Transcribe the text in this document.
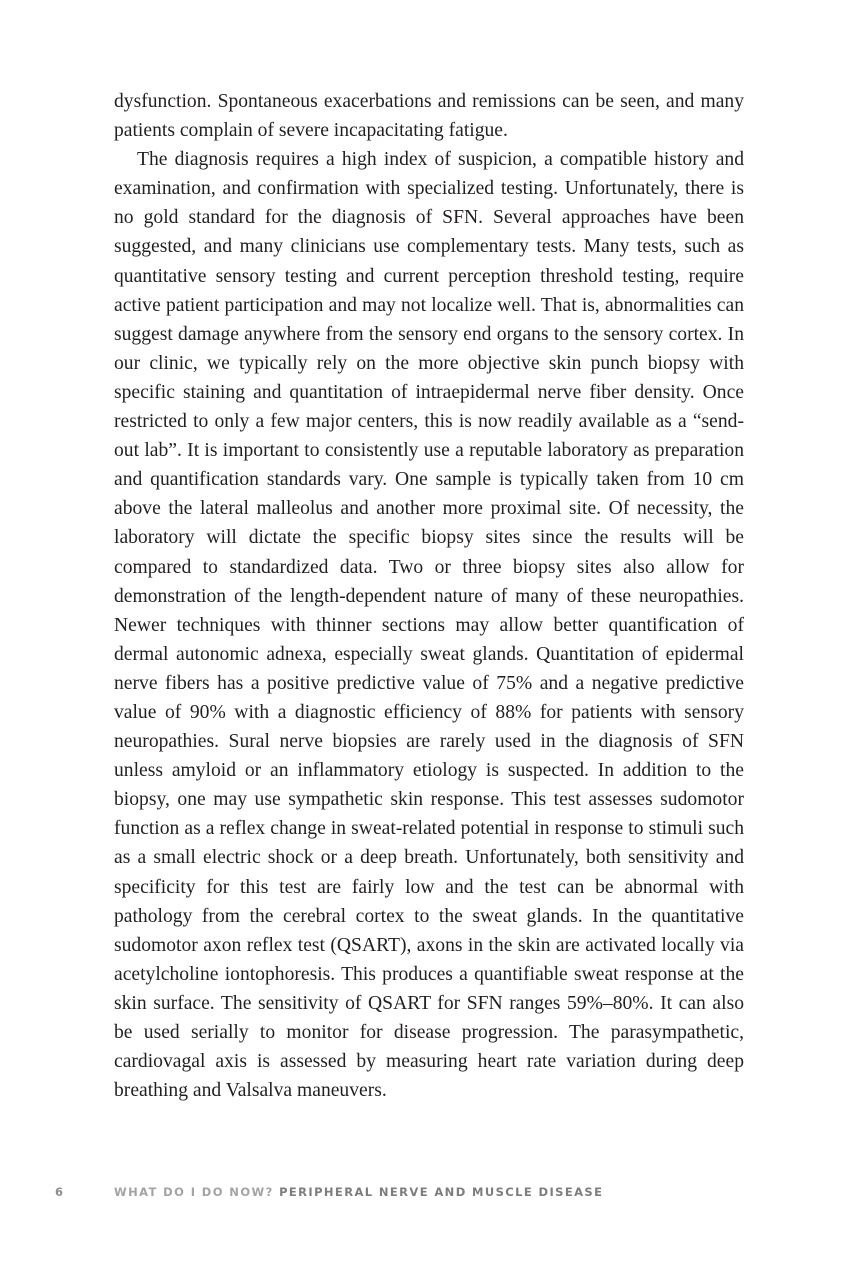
dysfunction. Spontaneous exacerbations and remissions can be seen, and many patients complain of severe incapacitating fatigue.

The diagnosis requires a high index of suspicion, a compatible history and examination, and confirmation with specialized testing. Unfortunately, there is no gold standard for the diagnosis of SFN. Several approaches have been suggested, and many clinicians use complementary tests. Many tests, such as quantitative sensory testing and current perception threshold testing, require active patient participation and may not localize well. That is, abnormalities can suggest damage anywhere from the sensory end organs to the sensory cortex. In our clinic, we typically rely on the more objective skin punch biopsy with specific staining and quantitation of intraepidermal nerve fiber density. Once restricted to only a few major centers, this is now readily available as a “send-out lab”. It is important to consistently use a reputable laboratory as preparation and quantification standards vary. One sample is typically taken from 10 cm above the lateral malleolus and another more proximal site. Of necessity, the laboratory will dictate the specific biopsy sites since the results will be compared to standardized data. Two or three biopsy sites also allow for demonstration of the length-dependent nature of many of these neuropathies. Newer techniques with thinner sections may allow better quantification of dermal autonomic adnexa, especially sweat glands. Quantitation of epidermal nerve fibers has a positive predictive value of 75% and a negative predictive value of 90% with a diagnostic efficiency of 88% for patients with sensory neuropathies. Sural nerve biopsies are rarely used in the diagnosis of SFN unless amyloid or an inflammatory etiology is suspected. In addition to the biopsy, one may use sympathetic skin response. This test assesses sudomotor function as a reflex change in sweat-related potential in response to stimuli such as a small electric shock or a deep breath. Unfortunately, both sensitivity and specificity for this test are fairly low and the test can be abnormal with pathology from the cerebral cortex to the sweat glands. In the quantitative sudomotor axon reflex test (QSART), axons in the skin are activated locally via acetylcholine iontophoresis. This produces a quantifiable sweat response at the skin surface. The sensitivity of QSART for SFN ranges 59%–80%. It can also be used serially to monitor for disease progression. The parasympathetic, cardiovagal axis is assessed by measuring heart rate variation during deep breathing and Valsalva maneuvers.

6	WHAT DO I DO NOW? PERIPHERAL NERVE AND MUSCLE DISEASE
